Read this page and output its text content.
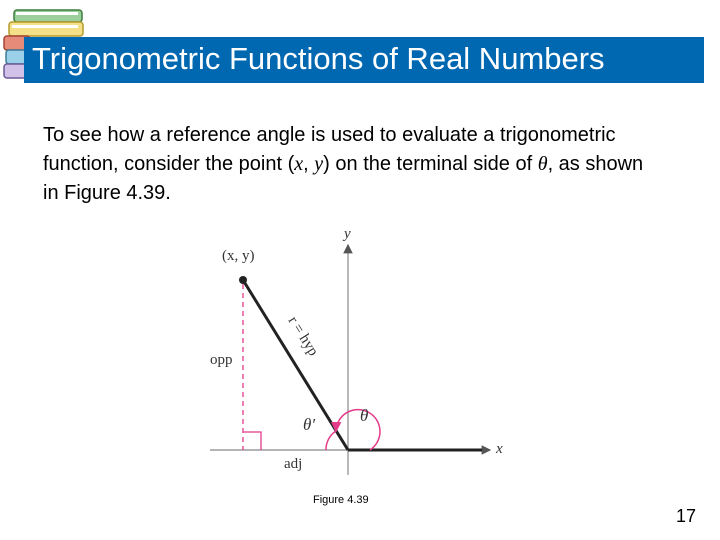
Trigonometric Functions of Real Numbers
To see how a reference angle is used to evaluate a trigonometric function, consider the point (x, y) on the terminal side of θ, as shown in Figure 4.39.
(x, y)
r = hyp
opp
adj
θ
θ′
x
y
Figure 4.39
17
